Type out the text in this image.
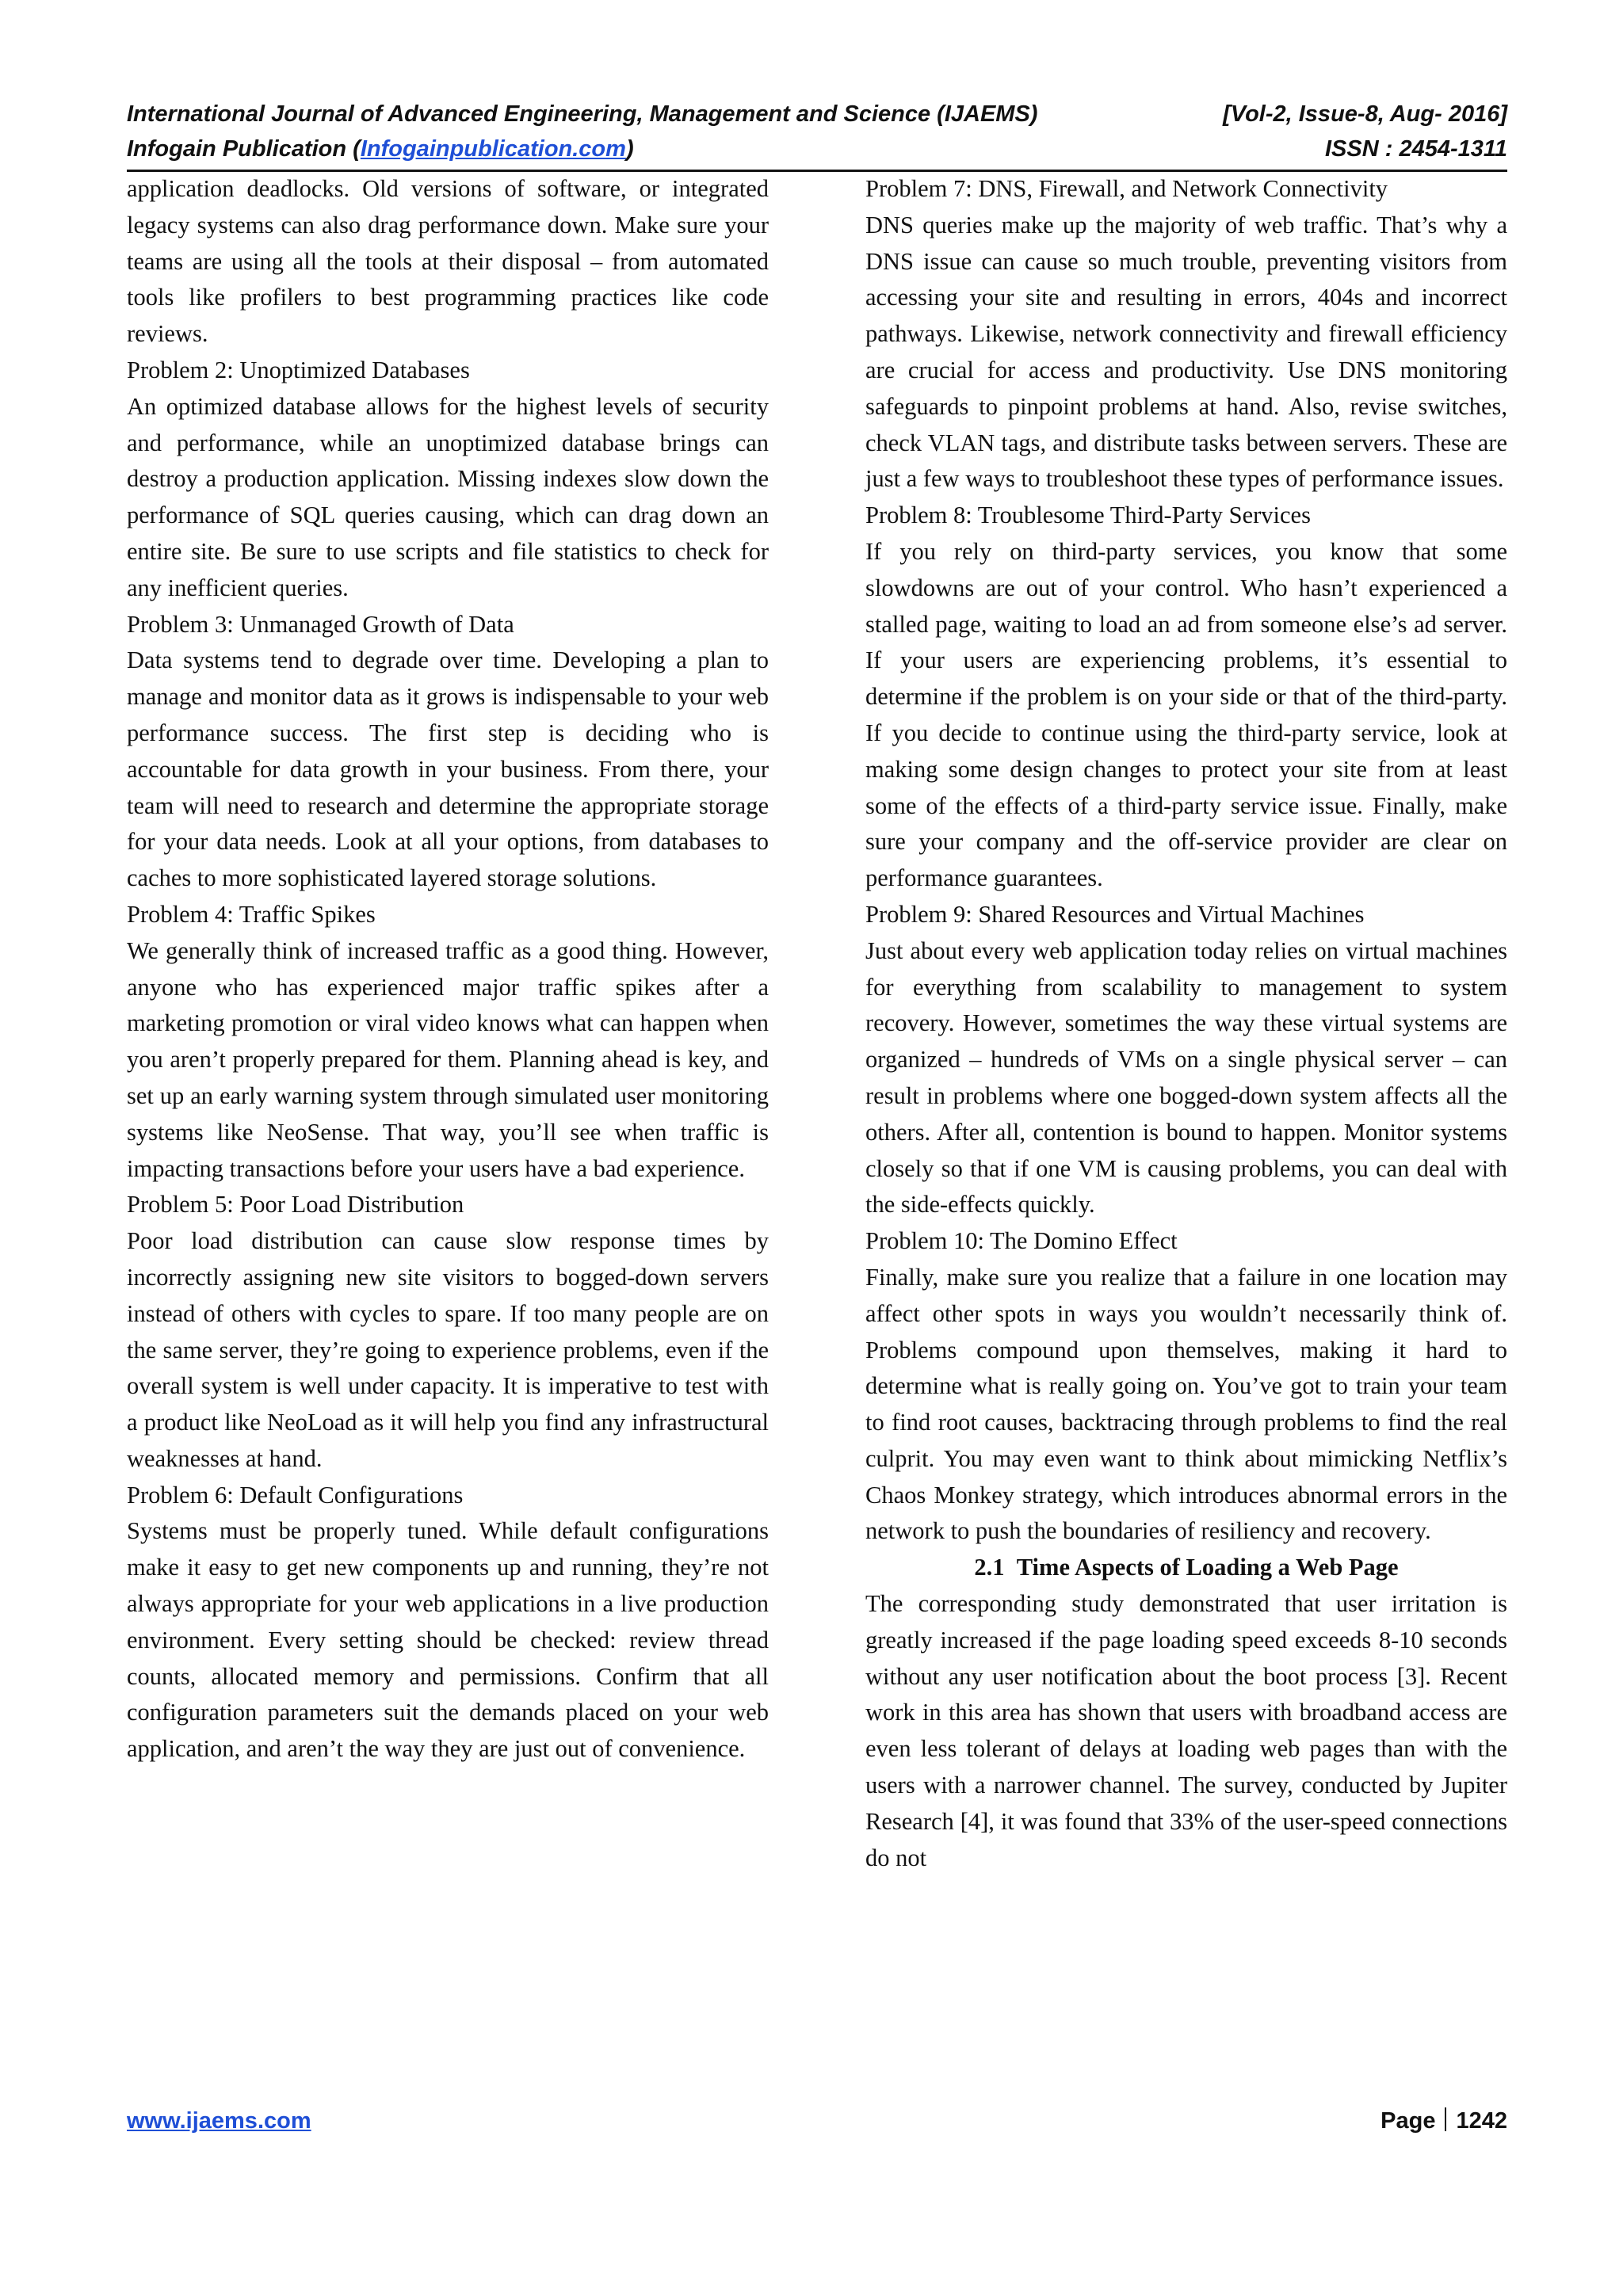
International Journal of Advanced Engineering, Management and Science (IJAEMS)	[Vol-2, Issue-8, Aug- 2016]
Infogain Publication (Infogainpublication.com)	ISSN : 2454-1311

application deadlocks. Old versions of software, or integrated legacy systems can also drag performance down. Make sure your teams are using all the tools at their disposal – from automated tools like profilers to best programming practices like code reviews.

Problem 2: Unoptimized Databases

An optimized database allows for the highest levels of security and performance, while an unoptimized database brings can destroy a production application. Missing indexes slow down the performance of SQL queries causing, which can drag down an entire site. Be sure to use scripts and file statistics to check for any inefficient queries.

Problem 3: Unmanaged Growth of Data

Data systems tend to degrade over time. Developing a plan to manage and monitor data as it grows is indispensable to your web performance success. The first step is deciding who is accountable for data growth in your business. From there, your team will need to research and determine the appropriate storage for your data needs. Look at all your options, from databases to caches to more sophisticated layered storage solutions.

Problem 4: Traffic Spikes

We generally think of increased traffic as a good thing. However, anyone who has experienced major traffic spikes after a marketing promotion or viral video knows what can happen when you aren’t properly prepared for them. Planning ahead is key, and set up an early warning system through simulated user monitoring systems like NeoSense. That way, you’ll see when traffic is impacting transactions before your users have a bad experience.

Problem 5: Poor Load Distribution

Poor load distribution can cause slow response times by incorrectly assigning new site visitors to bogged-down servers instead of others with cycles to spare. If too many people are on the same server, they’re going to experience problems, even if the overall system is well under capacity. It is imperative to test with a product like NeoLoad as it will help you find any infrastructural weaknesses at hand.

Problem 6: Default Configurations

Systems must be properly tuned. While default configurations make it easy to get new components up and running, they’re not always appropriate for your web applications in a live production environment. Every setting should be checked: review thread counts, allocated memory and permissions. Confirm that all configuration parameters suit the demands placed on your web application, and aren’t the way they are just out of convenience.

Problem 7: DNS, Firewall, and Network Connectivity

DNS queries make up the majority of web traffic. That’s why a DNS issue can cause so much trouble, preventing visitors from accessing your site and resulting in errors, 404s and incorrect pathways. Likewise, network connectivity and firewall efficiency are crucial for access and productivity. Use DNS monitoring safeguards to pinpoint problems at hand. Also, revise switches, check VLAN tags, and distribute tasks between servers. These are just a few ways to troubleshoot these types of performance issues.

Problem 8: Troublesome Third-Party Services

If you rely on third-party services, you know that some slowdowns are out of your control. Who hasn’t experienced a stalled page, waiting to load an ad from someone else’s ad server. If your users are experiencing problems, it’s essential to determine if the problem is on your side or that of the third-party. If you decide to continue using the third-party service, look at making some design changes to protect your site from at least some of the effects of a third-party service issue. Finally, make sure your company and the off-service provider are clear on performance guarantees.

Problem 9: Shared Resources and Virtual Machines

Just about every web application today relies on virtual machines for everything from scalability to management to system recovery. However, sometimes the way these virtual systems are organized – hundreds of VMs on a single physical server – can result in problems where one bogged-down system affects all the others. After all, contention is bound to happen. Monitor systems closely so that if one VM is causing problems, you can deal with the side-effects quickly.

Problem 10: The Domino Effect

Finally, make sure you realize that a failure in one location may affect other spots in ways you wouldn’t necessarily think of. Problems compound upon themselves, making it hard to determine what is really going on. You’ve got to train your team to find root causes, backtracing through problems to find the real culprit. You may even want to think about mimicking Netflix’s Chaos Monkey strategy, which introduces abnormal errors in the network to push the boundaries of resiliency and recovery.

2.1 Time Aspects of Loading a Web Page

The corresponding study demonstrated that user irritation is greatly increased if the page loading speed exceeds 8-10 seconds without any user notification about the boot process [3]. Recent work in this area has shown that users with broadband access are even less tolerant of delays at loading web pages than with the users with a narrower channel. The survey, conducted by Jupiter Research [4], it was found that 33% of the user-speed connections do not

www.ijaems.com	Page 1242
